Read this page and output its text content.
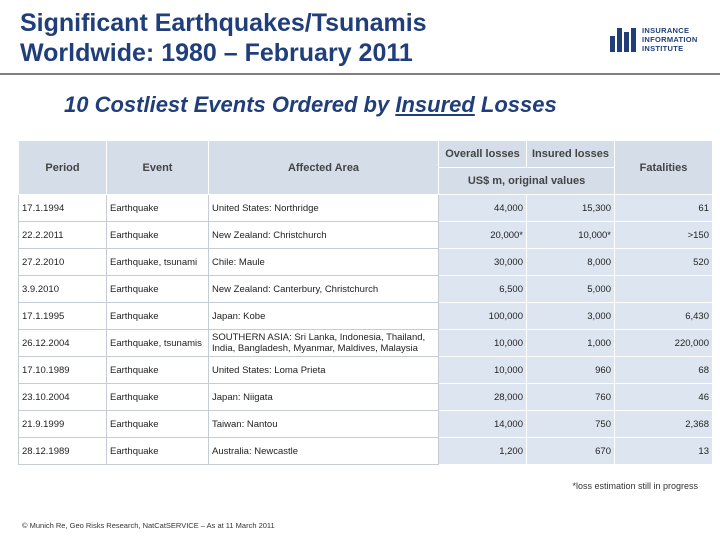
Significant Earthquakes/Tsunamis
Worldwide: 1980 – February 2011
INSURANCE
INFORMATION
INSTITUTE
10 Costliest Events Ordered by Insured Losses
Period	Event	Affected Area	Overall losses	Insured losses	Fatalities
			US$ m, original values		
17.1.1994	Earthquake	United States: Northridge	44,000	15,300	61
22.2.2011	Earthquake	New Zealand: Christchurch	20,000*	10,000*	>150
27.2.2010	Earthquake, tsunami	Chile: Maule	30,000	8,000	520
3.9.2010	Earthquake	New Zealand: Canterbury, Christchurch	6,500	5,000	
17.1.1995	Earthquake	Japan: Kobe	100,000	3,000	6,430
26.12.2004	Earthquake, tsunamis	SOUTHERN ASIA: Sri Lanka, Indonesia, Thailand, India, Bangladesh, Myanmar, Maldives, Malaysia	10,000	1,000	220,000
17.10.1989	Earthquake	United States: Loma Prieta	10,000	960	68
23.10.2004	Earthquake	Japan: Niigata	28,000	760	46
21.9.1999	Earthquake	Taiwan: Nantou	14,000	750	2,368
28.12.1989	Earthquake	Australia: Newcastle	1,200	670	13
*loss estimation still in progress
© Munich Re, Geo Risks Research, NatCatSERVICE – As at 11 March 2011
